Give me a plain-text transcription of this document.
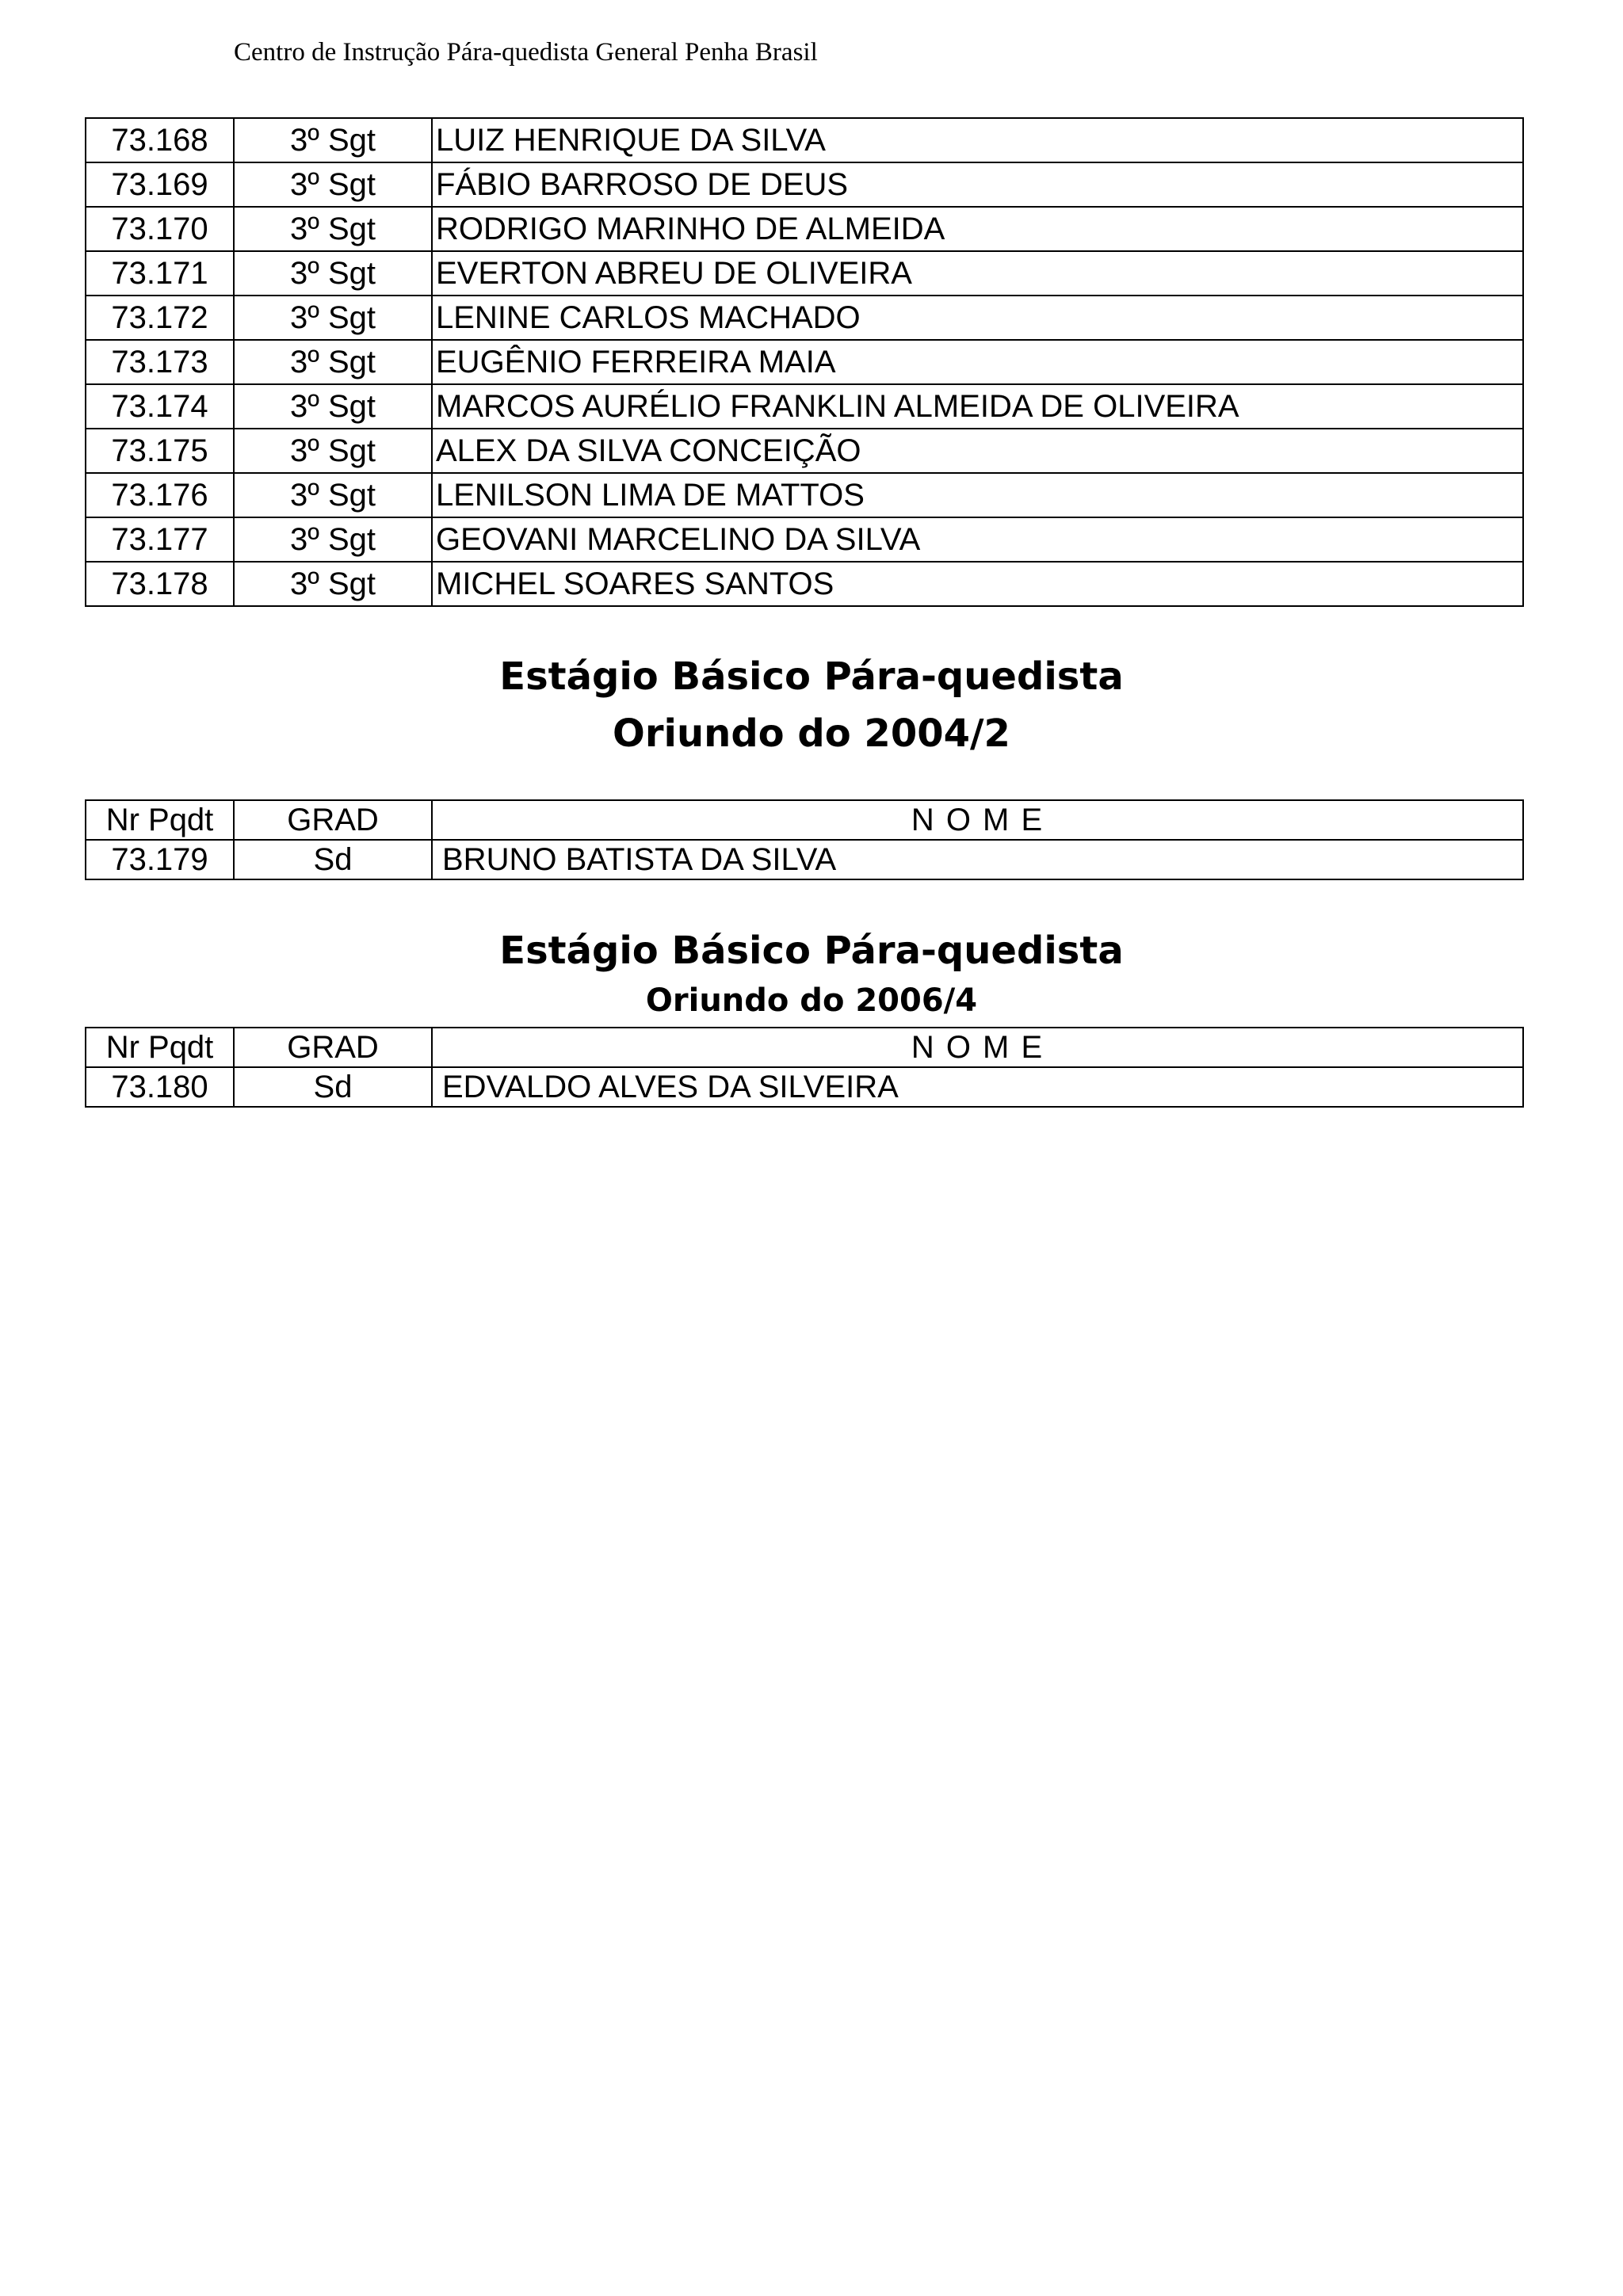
Centro de Instrução Pára-quedista General Penha Brasil
73.168	3º Sgt	LUIZ HENRIQUE DA SILVA
73.169	3º Sgt	FÁBIO BARROSO DE DEUS
73.170	3º Sgt	RODRIGO MARINHO DE ALMEIDA
73.171	3º Sgt	EVERTON ABREU DE OLIVEIRA
73.172	3º Sgt	LENINE CARLOS MACHADO
73.173	3º Sgt	EUGÊNIO FERREIRA MAIA
73.174	3º Sgt	MARCOS AURÉLIO FRANKLIN ALMEIDA DE OLIVEIRA
73.175	3º Sgt	ALEX DA SILVA CONCEIÇÃO
73.176	3º Sgt	LENILSON LIMA DE MATTOS
73.177	3º Sgt	GEOVANI MARCELINO DA SILVA
73.178	3º Sgt	MICHEL SOARES SANTOS
Estágio Básico Pára-quedista
Oriundo do 2004/2
Nr Pqdt	GRAD	N O M E
73.179	Sd	BRUNO BATISTA DA SILVA
Estágio Básico Pára-quedista
Oriundo do 2006/4
Nr Pqdt	GRAD	N O M E
73.180	Sd	EDVALDO ALVES DA SILVEIRA
